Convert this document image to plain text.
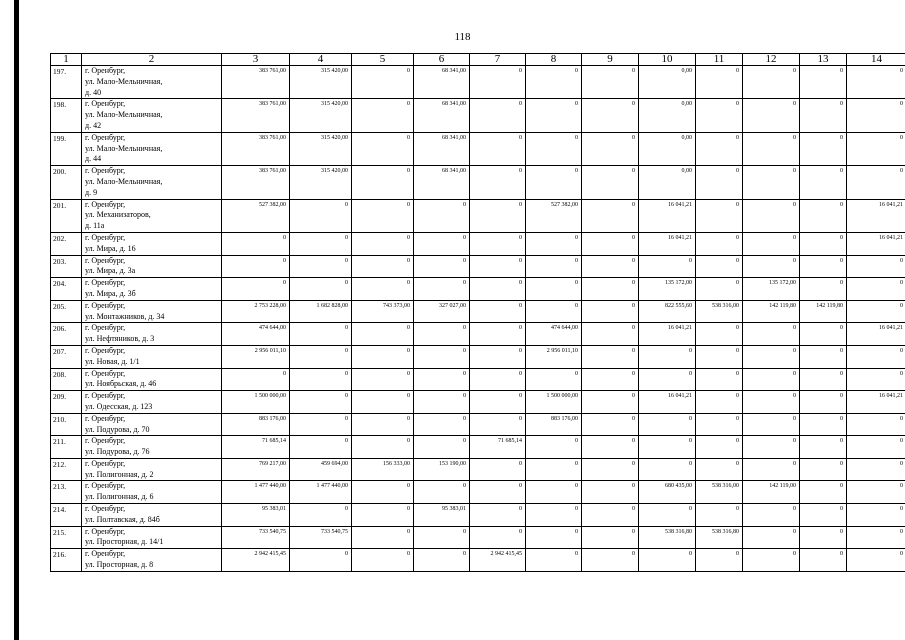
118
1	2	3	4	5	6	7	8	9	10	11	12	13	14
197.	г. Оренбург,
ул. Мало-Мельничная,
д. 40	383 761,00	315 420,00	0	68 341,00	0	0	0	0,00	0	0	0	0
198.	г. Оренбург,
ул. Мало-Мельничная,
д. 42	383 761,00	315 420,00	0	68 341,00	0	0	0	0,00	0	0	0	0
199.	г. Оренбург,
ул. Мало-Мельничная,
д. 44	383 761,00	315 420,00	0	68 341,00	0	0	0	0,00	0	0	0	0
200.	г. Оренбург,
ул. Мало-Мельничная,
д. 9	383 761,00	315 420,00	0	68 341,00	0	0	0	0,00	0	0	0	0
201.	г. Оренбург,
ул. Механизаторов,
д. 11а	527 382,00	0	0	0	0	527 382,00	0	16 041,21	0	0	0	16 041,21
202.	г. Оренбург,
ул. Мира, д. 16	0	0	0	0	0	0	0	16 041,21	0	0	0	16 041,21
203.	г. Оренбург,
ул. Мира, д. 3а	0	0	0	0	0	0	0	0	0	0	0	0
204.	г. Оренбург,
ул. Мира, д. 3б	0	0	0	0	0	0	0	135 172,00	0	135 172,00	0	0
205.	г. Оренбург,
ул. Монтажников, д. 34	2 753 228,00	1 682 828,00	743 373,00	327 027,00	0	0	0	822 555,60	538 316,00	142 119,80	142 119,80	0
206.	г. Оренбург,
ул. Нефтяников, д. 3	474 644,00	0	0	0	0	474 644,00	0	16 041,21	0	0	0	16 041,21
207.	г. Оренбург,
ул. Новая, д. 1/1	2 956 011,10	0	0	0	0	2 956 011,10	0	0	0	0	0	0
208.	г. Оренбург,
ул. Ноябрьская, д. 46	0	0	0	0	0	0	0	0	0	0	0	0
209.	г. Оренбург,
ул. Одесская, д. 123	1 500 000,00	0	0	0	0	1 500 000,00	0	16 041,21	0	0	0	16 041,21
210.	г. Оренбург,
ул. Подурова, д. 70	883 176,00	0	0	0	0	883 176,00	0	0	0	0	0	0
211.	г. Оренбург,
ул. Подурова, д. 76	71 685,14	0	0	0	71 685,14	0	0	0	0	0	0	0
212.	г. Оренбург,
ул. Полигонная, д. 2	769 217,00	459 694,00	156 333,00	153 190,00	0	0	0	0	0	0	0	0
213.	г. Оренбург,
ул. Полигонная, д. 6	1 477 440,00	1 477 440,00	0	0	0	0	0	680 435,00	538 316,00	142 119,00	0	0
214.	г. Оренбург,
ул. Полтавская, д. 84б	95 383,01	0	0	95 383,01	0	0	0	0	0	0	0	0
215.	г. Оренбург,
ул. Просторная, д. 14/1	733 540,75	733 540,75	0	0	0	0	0	538 316,80	538 316,80	0	0	0
216.	г. Оренбург,
ул. Просторная, д. 8	2 942 415,45	0	0	0	2 942 415,45	0	0	0	0	0	0	0
